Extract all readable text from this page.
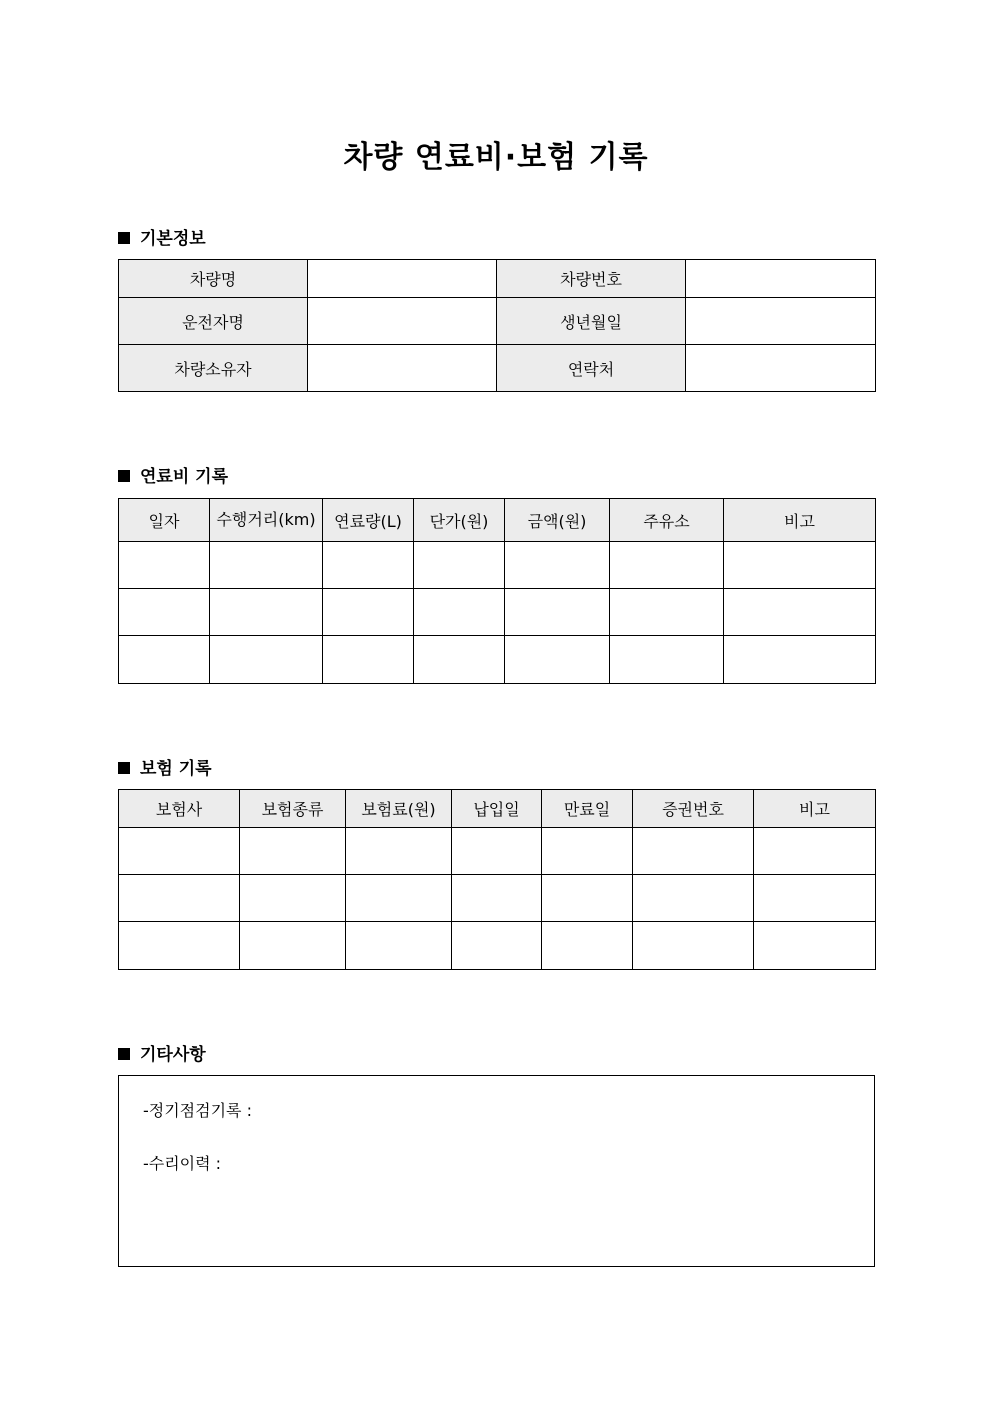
차량 연료비·보험 기록
기본정보
차량명		차량번호	
운전자명		생년월일	
차량소유자		연락처	
연료비 기록
일자	수행거리(km)	연료량(L)	단가(원)	금액(원)	주유소	비고

보험 기록
보험사	보험종류	보험료(원)	납입일	만료일	증권번호	비고

기타사항
-정기점검기록 :
-수리이력 :
